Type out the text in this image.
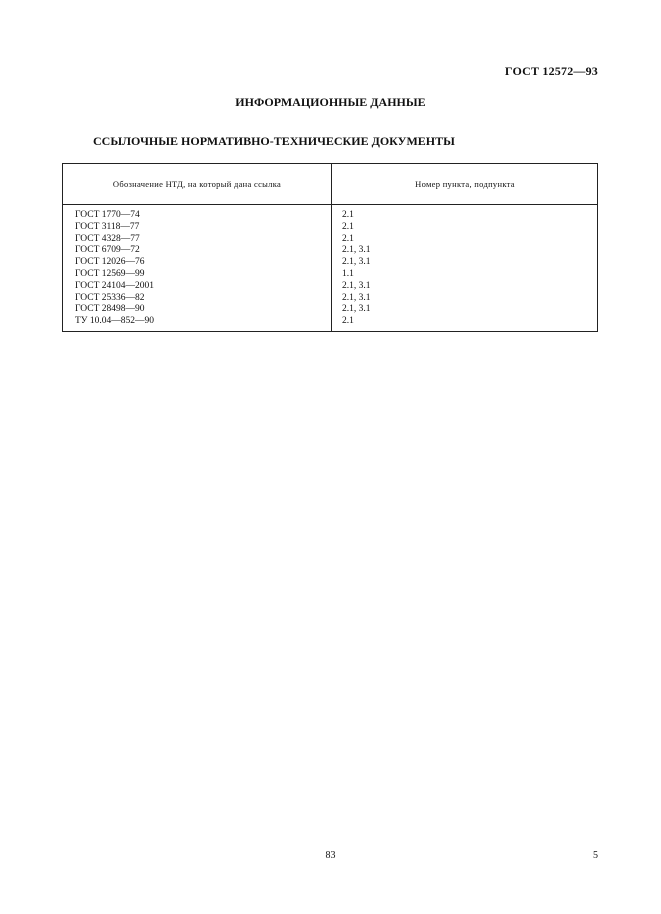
ГОСТ 12572—93
ИНФОРМАЦИОННЫЕ ДАННЫЕ
ССЫЛОЧНЫЕ НОРМАТИВНО-ТЕХНИЧЕСКИЕ ДОКУМЕНТЫ
Обозначение НТД, на который дана ссылка	Номер пункта, подпункта
ГОСТ 1770—74
ГОСТ 3118—77
ГОСТ 4328—77
ГОСТ 6709—72
ГОСТ 12026—76
ГОСТ 12569—99
ГОСТ 24104—2001
ГОСТ 25336—82
ГОСТ 28498—90
ТУ 10.04—852—90
2.1
2.1
2.1
2.1, 3.1
2.1, 3.1
1.1
2.1, 3.1
2.1, 3.1
2.1, 3.1
2.1
83	5
